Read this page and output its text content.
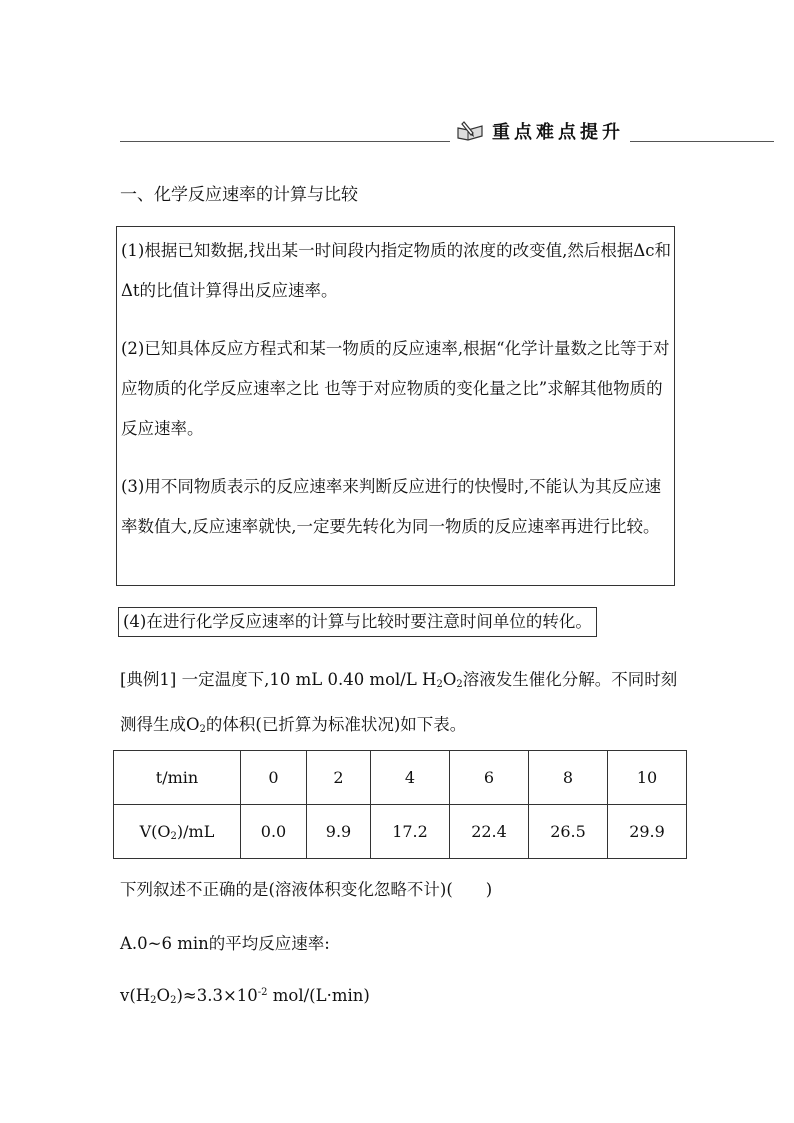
重点难点提升
一、化学反应速率的计算与比较

(1)根据已知数据,找出某一时间段内指定物质的浓度的改变值,然后根据Δc和Δt的比值计算得出反应速率。

(2)已知具体反应方程式和某一物质的反应速率,根据“化学计量数之比等于对应物质的化学反应速率之比 也等于对应物质的变化量之比”求解其他物质的反应速率。

(3)用不同物质表示的反应速率来判断反应进行的快慢时,不能认为其反应速率数值大,反应速率就快,一定要先转化为同一物质的反应速率再进行比较。

(4)在进行化学反应速率的计算与比较时要注意时间单位的转化。
[典例1] 一定温度下,10 mL 0.40 mol/L $H_2O_2$溶液发生催化分解。不同时刻测得生成$O_2$的体积(已折算为标准状况)如下表。
t/min	0	2	4	6	8	10
$V(O_2)/mL$	0.0	9.9	17.2	22.4	26.5	29.9
下列叙述不正确的是(溶液体积变化忽略不计)(　　)
A.0~6 min的平均反应速率:
$v(H_2O_2)\approx 3.3\times 10^{-2}$ mol/(L·min)
